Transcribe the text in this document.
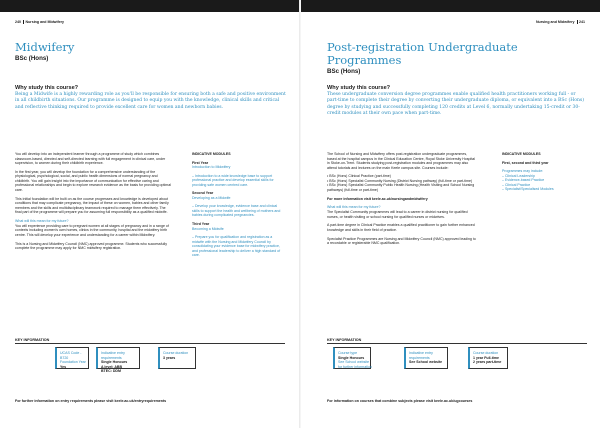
240 Nursing and Midwifery
Midwifery
BSc (Hons)
Why study this course?
Being a Midwife is a highly rewarding role as you'll be responsible for ensuring both a safe and positive environment in all childbirth situations. Our programme is designed to equip you with the knowledge, clinical skills and critical and reflective thinking required to provide excellent care for women and newborn babies.

You will develop into an independent learner through a programme of study which combines classroom-based, directed and self-directed learning with full engagement in clinical care, under supervision, to women during their childbirth experience.

In the first year, you will develop the foundation for a comprehensive understanding of the physiological, psychological, social, and public health dimensions of normal pregnancy and childbirth. You will gain insight into the importance of communication for effective caring and professional relationships and begin to explore research evidence as the basis for providing optimal care.

This initial foundation will be built on as the course progresses and knowledge is developed about conditions that may complicate pregnancy, the impact of these on women, babies and other family members and the skills and multidisciplinary teamwork required to manage them effectively. The final part of the programme will prepare you for assuming full responsibility as a qualified midwife.

What will this mean for my future?

You will experience providing care to pregnant women at all stages of pregnancy and in a range of contexts including women's own homes, clinics in the community, hospital and the midwifery birth centre. This will develop your experience and understanding for a career within Midwifery.

This is a Nursing and Midwifery Council (NMC) approved programme. Students who successfully complete the programme may apply for NMC midwifery registration.

INDICATIVE MODULES
First Year
Introduction to Midwifery
– Introduction to a wide knowledge base to support professional practice and develop essential skills for providing safe women centred care.
Second Year
Developing as a Midwife
– Develop your knowledge, evidence base and clinical skills to support the health and wellbeing of mothers and babies during complicated pregnancies.
Third Year
Becoming a Midwife
– Prepare you for qualification and registration as a midwife with the Nursing and Midwifery Council by consolidating your evidence base for midwifery practice, and professional leadership to deliver a high standard of care.
KEY INFORMATION
UCAS Code - B720
Foundation Year
Yes
Indicative entry requirements
Single Honours
A level: ABB
BTEC: DDM
Course duration
3 years
For further information on entry requirements please visit keele.ac.uk/entryrequirements
Nursing and Midwifery 241
Post-registration Undergraduate
Programmes
BSc (Hons)
Why study this course?
These undergraduate conversion degree programmes enable qualified health practitioners working full - or part-time to complete their degree by converting their undergraduate diploma, or equivalent into a BSc (Hons) degree by studying and successfully completing 120 credits at Level 6, normally undertaking 15-credit or 30-credit modules at their own pace when part-time.

The School of Nursing and Midwifery offers post-registration undergraduate programmes, based at the hospital campus in the Clinical Education Centre, Royal Stoke University Hospital in Stoke-on-Trent. Students studying post-registration modules and programmes may also attend tutorials and lectures on the main Keele campus site. Courses include:

• BSc (Hons) Clinical Practice (part-time)
• BSc (Hons) Specialist Community Nursing (District Nursing pathway) (full-time or part-time)

• BSc (Hons) Specialist Community Public Health Nursing (Health Visiting and School Nursing pathways) (full-time or part-time)

For more information visit keele.ac.uk/nursingandmidwifery

What will this mean for my future?

The Specialist Community programmes will lead to a career in district nursing for qualified nurses, or health visiting or school nursing for qualified nurses or midwives.

A part-time degree in Clinical Practice enables a qualified practitioner to gain further enhanced knowledge and skills in their field of practice.

Specialist Practice Programmes are Nursing and Midwifery Council (NMC) approved leading to a recordable or registerable NMC qualification.

INDICATIVE MODULES
First, second and third year
Programmes may include:
– Clinical Leadership
– Evidence-based Practice
– Clinical Practice
– Specialist/Specialised Modules
KEY INFORMATION
Course type
Single Honours
See School website
for further information
Indicative entry requirements
See School website
Course duration
1 year Full-time
2 years part-time
For information on courses that combine subjects please visit keele.ac.uk/ugcourses
